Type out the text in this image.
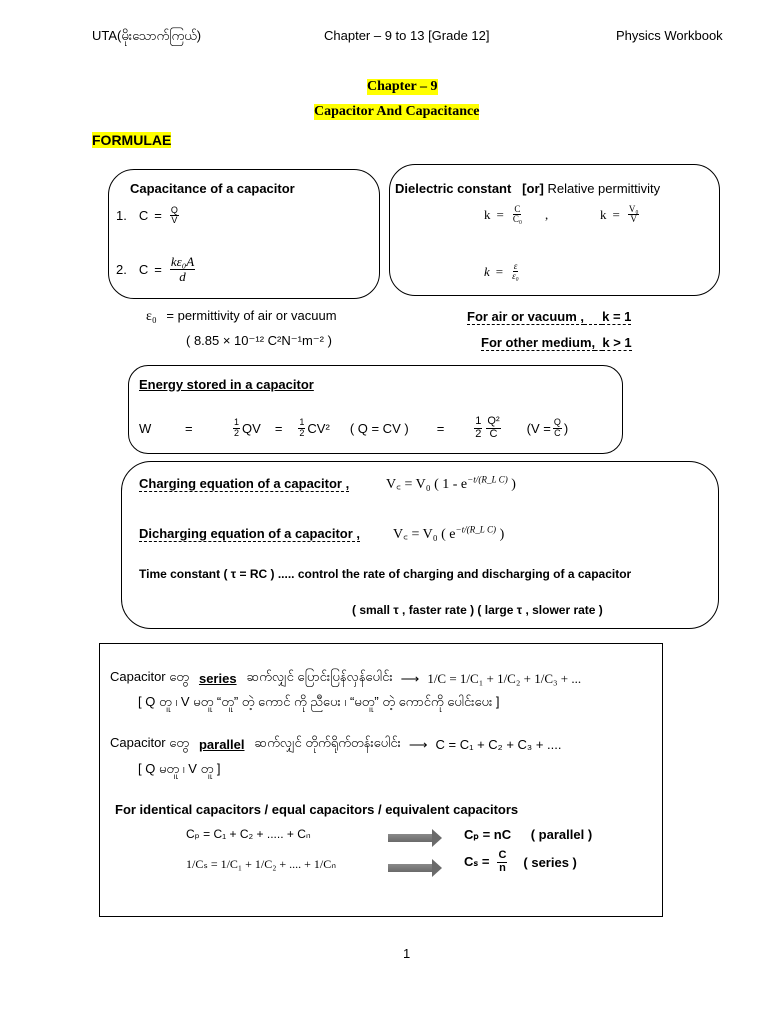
UTA(မိုးသောက်ကြယ်)	Chapter – 9 to 13 [Grade 12]	Physics Workbook
Chapter – 9
Capacitor And Capacitance
FORMULAE
Capacitance of a capacitor
1. $C = \frac{Q}{V}$
2. $C = \frac{\text{kε₀A}}{d}$
Dielectric constant [or] Relative permittivity
$k = \frac{C}{\text{C₀}}$ ,	$k = \frac{\text{V₀}}{V}$
$k = \frac{\varepsilon}{\text{ε₀}}$
ε₀ = permittivity of air or vacuum
( 8.85 × 10⁻¹² C²N⁻¹m⁻² )
For air or vacuum , k = 1
For other medium, k > 1
Energy stored in a capacitor
W	=	$\frac{1}{2}$ QV = $\frac{1}{2} CV^2$ ( Q = CV ) =	$\frac{1}{2} \frac{\text{Q²}}{C} (V = \frac{Q}{C}$ )
Charging equation of a capacitor ,	V꜀ = V₀ ( $1 - e^{-t/(R\_L C)}$ )
Dicharging equation of a capacitor , V꜀ = V₀ ( $e^{-t/(R\_L C)}$ )
Time constant ( τ = RC ) ..... control the rate of charging and discharging of a capacitor
( small τ , faster rate ) ( large τ , slower rate )
Capacitor တွေ series ဆက်လျှင် ပြောင်းပြန်လှန်ပေါင်း ⟶ 1/C = 1/C₁ + 1/C₂ + 1/C₃ + ...
[ Q တူ ၊ V မတူ “တူ” တဲ့ ကောင် ကို ညီပေး ၊ “မတူ” တဲ့ ကောင်ကို ပေါင်းပေး ]
Capacitor တွေ parallel ဆက်လျှင် တိုက်ရိုက်တန်းပေါင်း ⟶ C = C₁ + C₂ + C₃ + ....
[ Q မတူ ၊ V တူ ]
For identical capacitors / equal capacitors / equivalent capacitors
Cₚ = C₁ + C₂ + ..... + Cₙ	Cₚ = nC ( parallel )
1/Cₛ = 1/C₁ + 1/C₂ + .... + 1/Cₙ	$C_s = \frac{C}{n}$ ( series )
1
